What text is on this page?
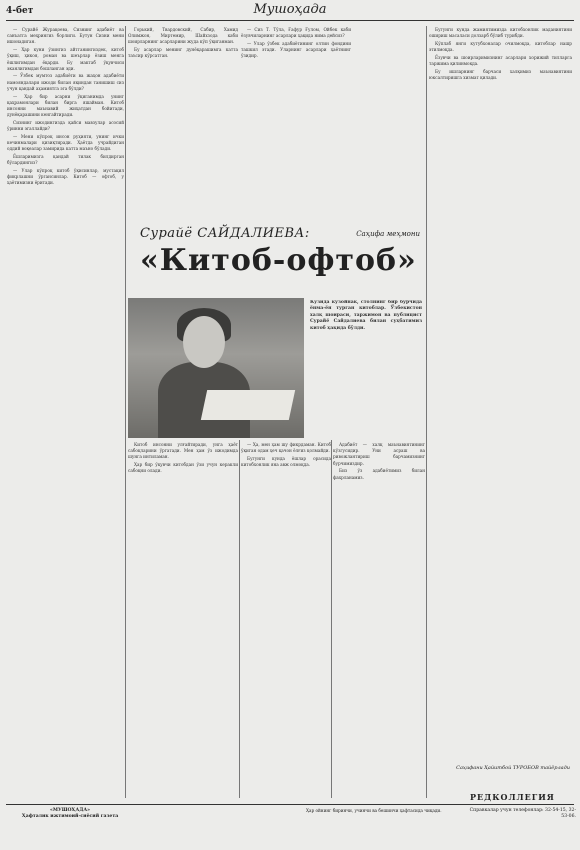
4-бет	Мушоҳада

— Сурайё Журақоева, Сизнинг адабиёт ва санъатга меҳрингиз борлиги. Бутун Сизни мени ишонадиган.

— Ҳар куни ўзингиз айтганингиздек, китоб ўқиш, ҳикоя, роман ва шеърлар ёзиш менга ёшлигимдан ёқарди. Бу мактаб ўқувчиси эканлигимдан бошланган эди.

— Ўзбек мумтоз адабиёти ва жаҳон адабиёти намояндалари ижоди билан яқиндан танишиш сиз учун қандай аҳамиятга эга бўлди?

— Ҳар бир асарни ўқиганимда унинг қаҳрамонлари билан бирга яшайман. Китоб инсонни маънавий жиҳатдан бойитади, дунёқарашини кенгайтиради.

Сизнинг ижодингизда қайси мавзулар асосий ўринни эгаллайди?

— Мени кўпроқ инсон руҳияти, унинг ички кечинмалари қизиқтиради. Ҳаётда учрайдиган оддий воқеалар замирида катта маъно бўлади.

Ёшларимизга қандай тилак билдирган бўлардингиз?

— Улар кўпроқ китоб ўқисинлар, мустақил фикрлашни ўргансинлар. Китоб — офтоб, у ҳаётимизни ёритади.

Горький, Твардовский, Сабир, Хамид Олимжон, Миртемир, Шайхзода каби шоирларнинг асарларини жуда кўп ўқиганман.

Бу асарлар менинг дунёқарашимга катта таъсир кўрсатган.

— Сиз Т. Тўла, Ғафур Ғулом, Ойбек каби ёзувчиларнинг асарлари ҳақида нима дейсиз?

— Улар ўзбек адабиётининг олтин фондини ташкил этади. Уларнинг асарлари ҳаётнинг ўзидир.

Сурайё САЙДАЛИЕВА:
«Китоб-офтоб»
Саҳифа меҳмони
Кўзида кўзойнак, столнинг бир бурчида ёнма-ён турган китоблар. Ўзбекистон халқ шоираси, таржимон ва публицист Сурайё Сайдалиева билан суҳбатимиз китоб ҳақида бўлди.

Китоб инсонни улғайтиради, унга ҳаёт сабоқларини ўргатади. Мен ҳам ўз ижодимда шунга интиламан.

Ҳар бир ўқувчи китобдан ўзи учун керакли сабоқни олади.

— Ҳа, мен ҳам шу фикрдаман. Китоб ўқиган одам ҳеч қачон ёлғиз қолмайди.

Бугунги кунда ёшлар орасида китобхонлик яна авж олмоқда.

Адабиёт — халқ маънавиятининг кўзгусидир. Уни асраш ва ривожлантириш барчамизнинг бурчимиздир.

Биз ўз адабиётимиз билан фахрланамиз.

Бугунги кунда жамиятимизда китобхонлик маданиятини ошириш масаласи долзарб бўлиб турибди.

Кўплаб янги кутубхоналар очилмоқда, китоблар нашр этилмоқда.

Ёзувчи ва шоирларимизнинг асарлари хорижий тилларга таржима қилинмоқда.

Бу ишларнинг барчаси халқимиз маънавиятини юксалтиришга хизмат қилади.

Саҳифани Ҳайитбой ТУРОБОВ тайёрлади
РЕДКОЛЛЕГИЯ
«МУШОҲАДА»
Ҳафталик ижтимоий-сиёсий газета
Ҳар ойнинг биринчи, учинчи ва бешинчи ҳафтасида чиқади.	Справкалар учун телефонлар: 32-54-15, 32-53-06.
